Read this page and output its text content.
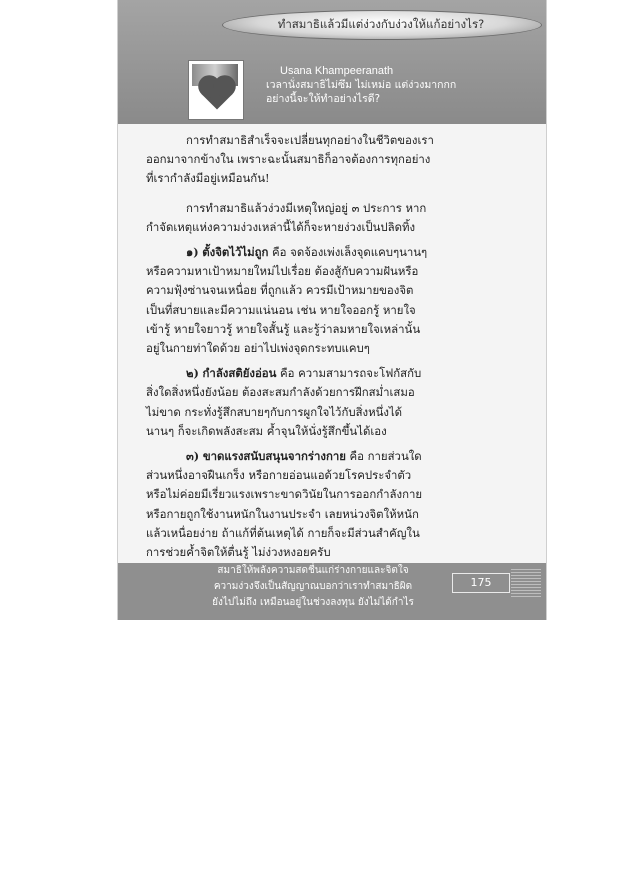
ทำสมาธิแล้วมีแต่ง่วงกับง่วงให้แก้อย่างไร?
Usana Khampeeranath
เวลานั่งสมาธิไม่ซึม ไม่เหม่อ แต่ง่วงมากกก
อย่างนี้จะให้ทำอย่างไรดี?

การทำสมาธิสำเร็จจะเปลี่ยนทุกอย่างในชีวิตของเรา
ออกมาจากข้างใน เพราะฉะนั้นสมาธิก็อาจต้องการทุกอย่าง
ที่เรากำลังมีอยู่เหมือนกัน!

การทำสมาธิแล้วง่วงมีเหตุใหญ่อยู่ ๓ ประการ หาก
กำจัดเหตุแห่งความง่วงเหล่านี้ได้ก็จะหายง่วงเป็นปลิดทิ้ง

๑) ตั้งจิตไว้ไม่ถูก คือ จดจ้องเพ่งเล็งจุดแคบๆนานๆ
หรือความหาเป้าหมายใหม่ไปเรื่อย ต้องสู้กับความฝันหรือ
ความฟุ้งซ่านจนเหนื่อย ที่ถูกแล้ว ควรมีเป้าหมายของจิต
เป็นที่สบายและมีความแน่นอน เช่น หายใจออกรู้ หายใจ
เข้ารู้ หายใจยาวรู้ หายใจสั้นรู้ และรู้ว่าลมหายใจเหล่านั้น
อยู่ในกายท่าใดด้วย อย่าไปเพ่งจุดกระทบแคบๆ

๒) กำลังสติยังอ่อน คือ ความสามารถจะโฟกัสกับ
สิ่งใดสิ่งหนึ่งยังน้อย ต้องสะสมกำลังด้วยการฝึกสม่ำเสมอ
ไม่ขาด กระทั่งรู้สึกสบายๆกับการผูกใจไว้กับสิ่งหนึ่งได้
นานๆ ก็จะเกิดพลังสะสม ค้ำจุนให้นั่งรู้สึกขึ้นได้เอง

๓) ขาดแรงสนับสนุนจากร่างกาย คือ กายส่วนใด
ส่วนหนึ่งอาจฝืนเกร็ง หรือกายอ่อนแอด้วยโรคประจำตัว
หรือไม่ค่อยมีเรี่ยวแรงเพราะขาดวินัยในการออกกำลังกาย
หรือกายถูกใช้งานหนักในงานประจำ เลยหน่วงจิตให้หนัก
แล้วเหนื่อยง่าย ถ้าแก้ที่ต้นเหตุได้ กายก็จะมีส่วนสำคัญใน
การช่วยค้ำจิตให้ตื่นรู้ ไม่ง่วงหงอยครับ

สมาธิให้พลังความสดชื่นแก่ร่างกายและจิตใจ
ความง่วงจึงเป็นสัญญาณบอกว่าเราทำสมาธิผิด
ยังไปไม่ถึง เหมือนอยู่ในช่วงลงทุน ยังไม่ได้กำไร
175
